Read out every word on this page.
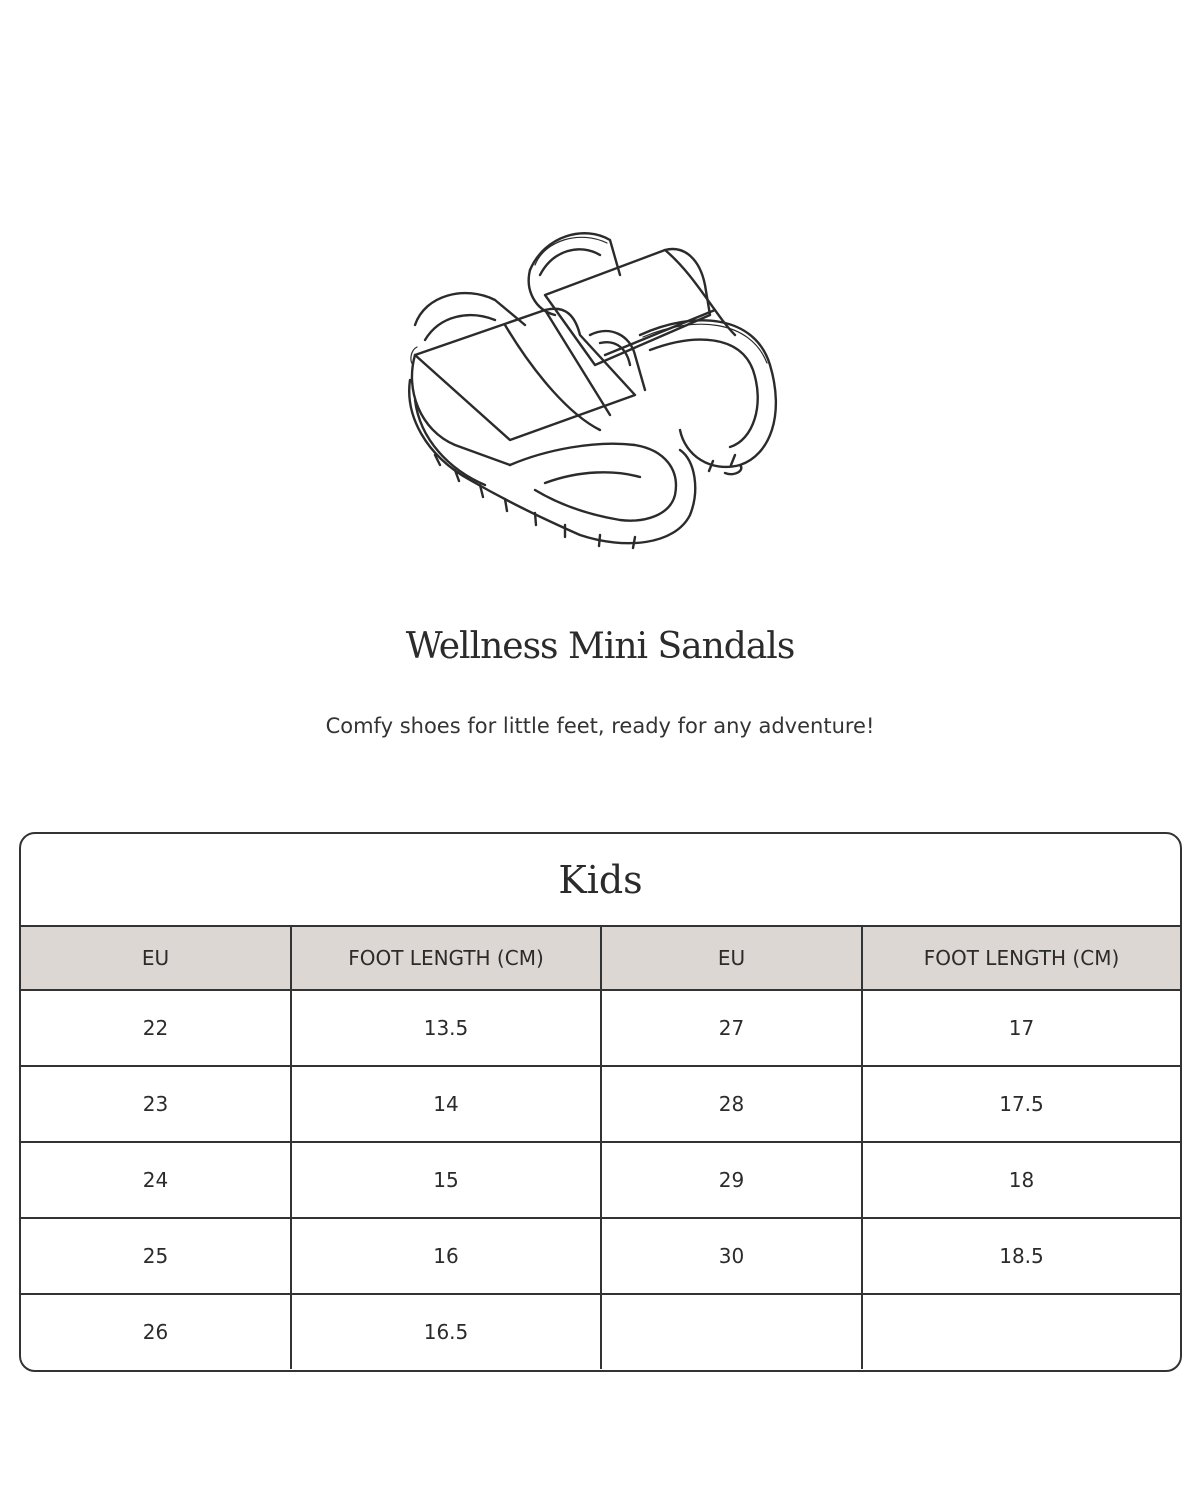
Wellness Mini Sandals
Comfy shoes for little feet, ready for any adventure!
Kids
EU	FOOT LENGTH (CM)	EU	FOOT LENGTH (CM)
22	13.5	27	17
23	14	28	17.5
24	15	29	18
25	16	30	18.5
26	16.5		
